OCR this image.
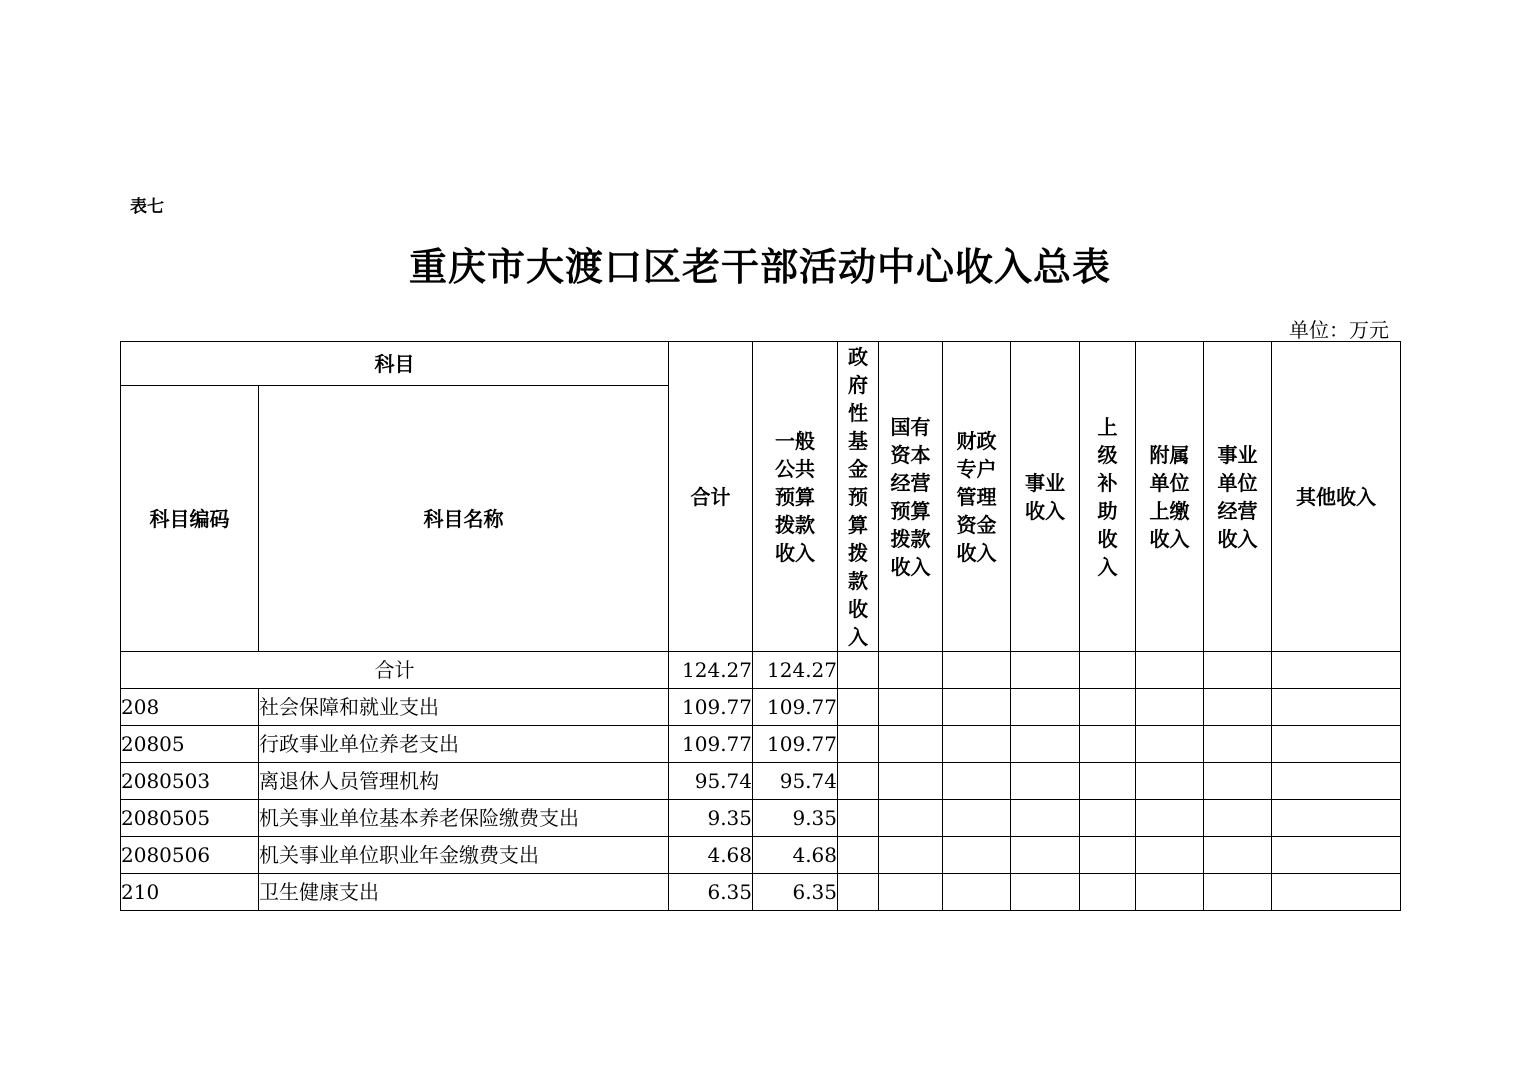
表七
重庆市大渡口区老干部活动中心收入总表
单位：万元
科目		合计	一般公共预算拨款收入	政府性基金预算拨款收入	国有资本经营预算拨款收入	财政专户管理资金收入	事业收入	上级补助收入	附属单位上缴收入	事业单位经营收入	其他收入
科目编码	科目名称										
合计		124.27	124.27								
208	社会保障和就业支出	109.77	109.77								
20805	行政事业单位养老支出	109.77	109.77								
2080503	离退休人员管理机构	95.74	95.74								
2080505	机关事业单位基本养老保险缴费支出	9.35	9.35								
2080506	机关事业单位职业年金缴费支出	4.68	4.68								
210	卫生健康支出	6.35	6.35								
